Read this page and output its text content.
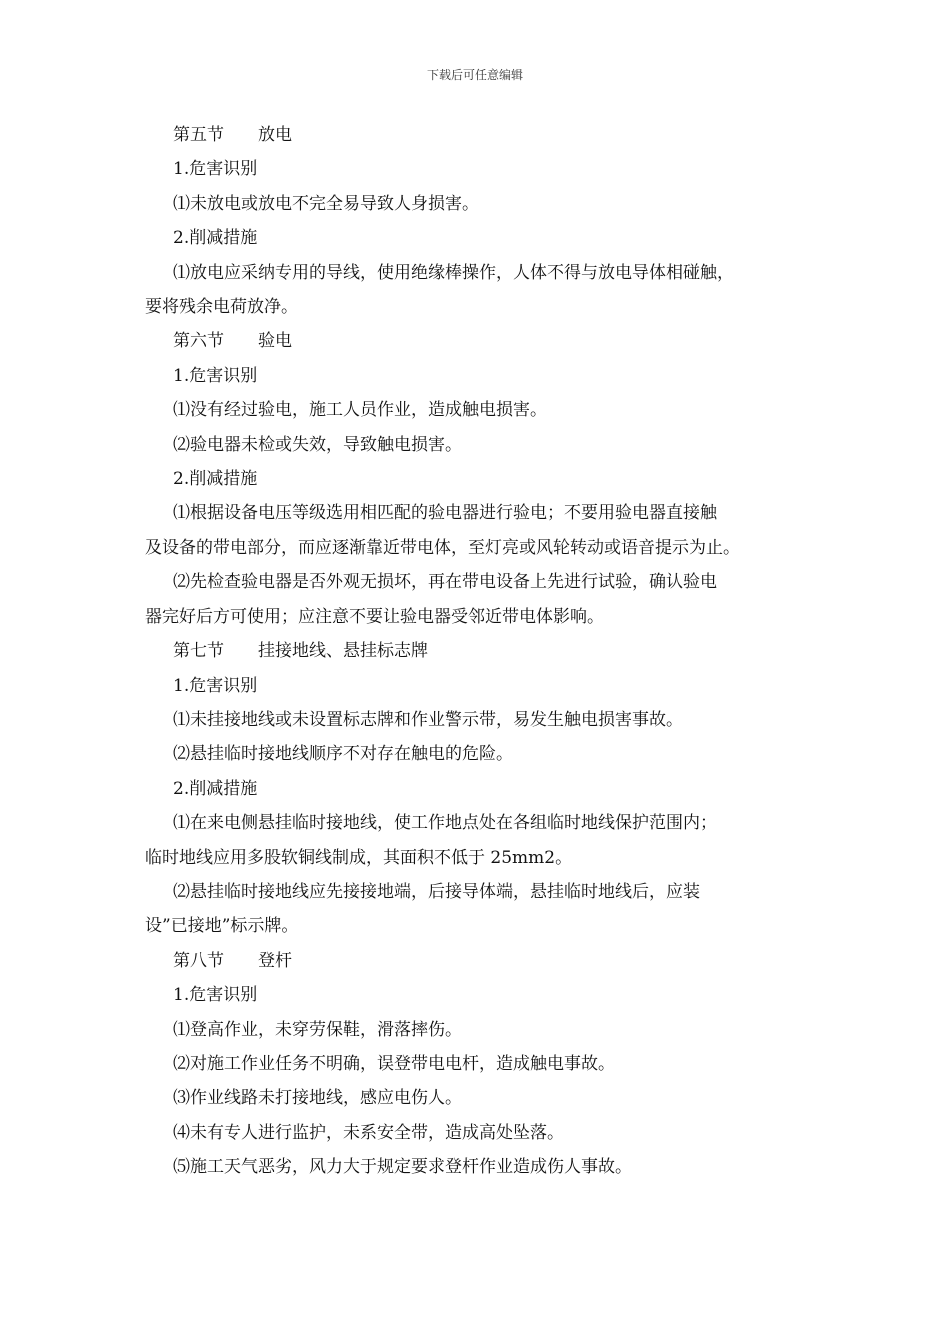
下载后可任意编辑
第五节 放电
1.危害识别
⑴未放电或放电不完全易导致人身损害。
2.削减措施
⑴放电应采纳专用的导线，使用绝缘棒操作，人体不得与放电导体相碰触，
要将残余电荷放净。
第六节 验电
1.危害识别
⑴没有经过验电，施工人员作业，造成触电损害。
⑵验电器未检或失效，导致触电损害。
2.削减措施
⑴根据设备电压等级选用相匹配的验电器进行验电；不要用验电器直接触
及设备的带电部分，而应逐渐靠近带电体，至灯亮或风轮转动或语音提示为止。
⑵先检查验电器是否外观无损坏，再在带电设备上先进行试验，确认验电
器完好后方可使用；应注意不要让验电器受邻近带电体影响。
第七节 挂接地线、悬挂标志牌
1.危害识别
⑴未挂接地线或未设置标志牌和作业警示带，易发生触电损害事故。
⑵悬挂临时接地线顺序不对存在触电的危险。
2.削减措施
⑴在来电侧悬挂临时接地线，使工作地点处在各组临时地线保护范围内；
临时地线应用多股软铜线制成，其面积不低于 25mm2。
⑵悬挂临时接地线应先接接地端，后接导体端，悬挂临时地线后，应装
设”已接地”标示牌。
第八节 登杆
1.危害识别
⑴登高作业，未穿劳保鞋，滑落摔伤。
⑵对施工作业任务不明确，误登带电电杆，造成触电事故。
⑶作业线路未打接地线，感应电伤人。
⑷未有专人进行监护，未系安全带，造成高处坠落。
⑸施工天气恶劣，风力大于规定要求登杆作业造成伤人事故。
